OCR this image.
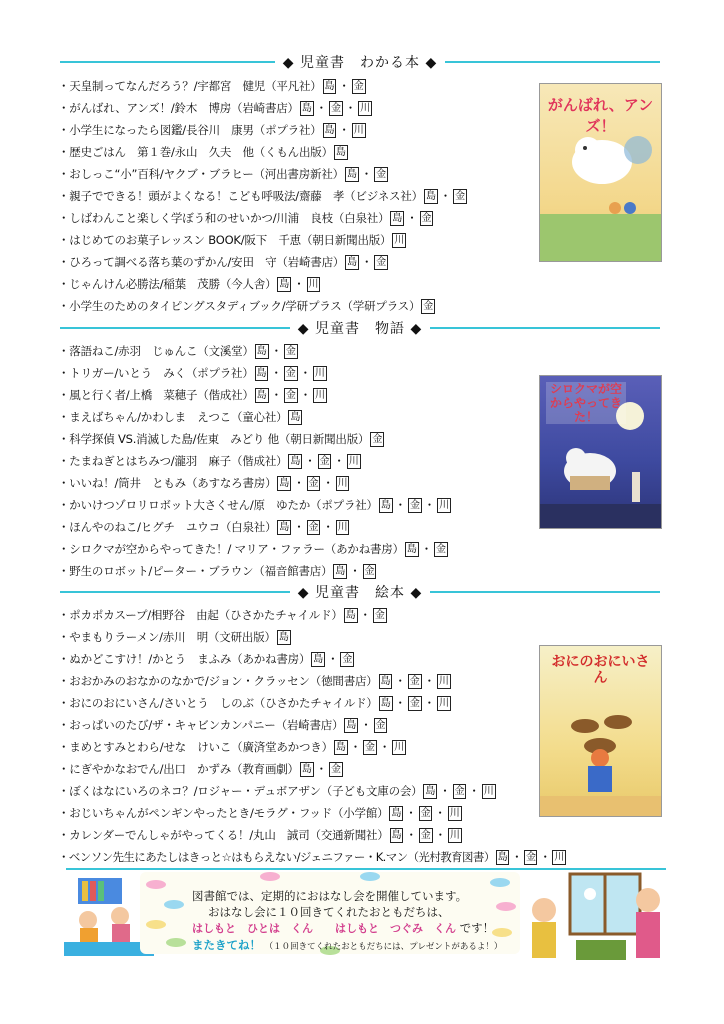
◆ 児童書　わかる本 ◆
・天皇制ってなんだろう？/宇都宮　健児（平凡社） 島 ・ 金
・がんばれ、アンズ！/鈴木　博房（岩崎書店） 島 ・ 金 ・ 川
・小学生になったら図鑑/長谷川　康男（ポプラ社） 島 ・ 川
・歴史ごはん　第１巻/永山　久夫　他（くもん出版） 島
・おしっこ“小”百科/ヤクブ・ブラヒー（河出書房新社） 島 ・ 金
・親子でできる！頭がよくなる！こども呼吸法/齋藤　孝（ビジネス社） 島 ・ 金
・しばわんこと楽しく学ぼう和のせいかつ/川浦　良枝（白泉社） 島 ・ 金
・はじめてのお菓子レッスン BOOK/阪下　千恵（朝日新聞出版） 川
・ひろって調べる落ち葉のずかん/安田　守（岩崎書店） 島 ・ 金
・じゃんけん必勝法/稲葉　茂勝（今人舎） 島 ・ 川
・小学生のためのタイピングスタディブック/学研プラス（学研プラス） 金
◆ 児童書　物語 ◆
・落語ねこ/赤羽　じゅんこ（文溪堂） 島 ・ 金
・トリガー/いとう　みく（ポプラ社） 島 ・ 金 ・ 川
・風と行く者/上橋　菜穂子（偕成社） 島 ・ 金 ・ 川
・まえばちゃん/かわしま　えつこ（童心社） 島
・科学探偵 VS.消滅した島/佐東　みどり 他（朝日新聞出版） 金
・たまねぎとはちみつ/瀧羽　麻子（偕成社） 島 ・ 金 ・ 川
・いいね！/筒井　ともみ（あすなろ書房） 島 ・ 金 ・ 川
・かいけつゾロリロボット大さくせん/原　ゆたか（ポプラ社） 島 ・ 金 ・ 川
・ほんやのねこ/ヒグチ　ユウコ（白泉社） 島 ・ 金 ・ 川
・シロクマが空からやってきた！/ マリア・ファラー（あかね書房） 島 ・ 金
・野生のロボット/ピーター・ブラウン（福音館書店） 島 ・ 金
◆ 児童書　絵本 ◆
・ポカポカスープ/相野谷　由起（ひさかたチャイルド） 島 ・ 金
・やまもりラーメン/赤川　明（文研出版） 島
・ぬかどこすけ！/かとう　まふみ（あかね書房） 島 ・ 金
・おおかみのおなかのなかで/ジョン・クラッセン（徳間書店） 島 ・ 金 ・ 川
・おにのおにいさん/さいとう　しのぶ（ひさかたチャイルド） 島 ・ 金 ・ 川
・おっぱいのたび/ザ・キャビンカンパニー（岩崎書店） 島 ・ 金
・まめとすみとわら/せな　けいこ（廣済堂あかつき） 島 ・ 金 ・ 川
・にぎやかなおでん/出口　かずみ（教育画劇） 島 ・ 金
・ぼくはなにいろのネコ？/ロジャー・デュボアザン（子ども文庫の会） 島 ・ 金 ・ 川
・おじいちゃんがペンギンやったとき/モラグ・フッド（小学館） 島 ・ 金 ・ 川
・カレンダーでんしゃがやってくる！/丸山　誠司（交通新聞社） 島 ・ 金 ・ 川
・ベンソン先生にあたしはきっと☆はもらえない/ジェニファー・K.マン（光村教育図書） 島 ・ 金 ・ 川
がんばれ、アンズ！
シロクマが空からやってきた！
おにのおにいさん
図書館では、定期的におはなし会を開催しています。
おはなし会に１０回きてくれたおともだちは、
はしもと　ひとは　くん　　はしもと　つぐみ　くん です！
またきてね！ （１０回きてくれたおともだちには、プレゼントがあるよ！）
